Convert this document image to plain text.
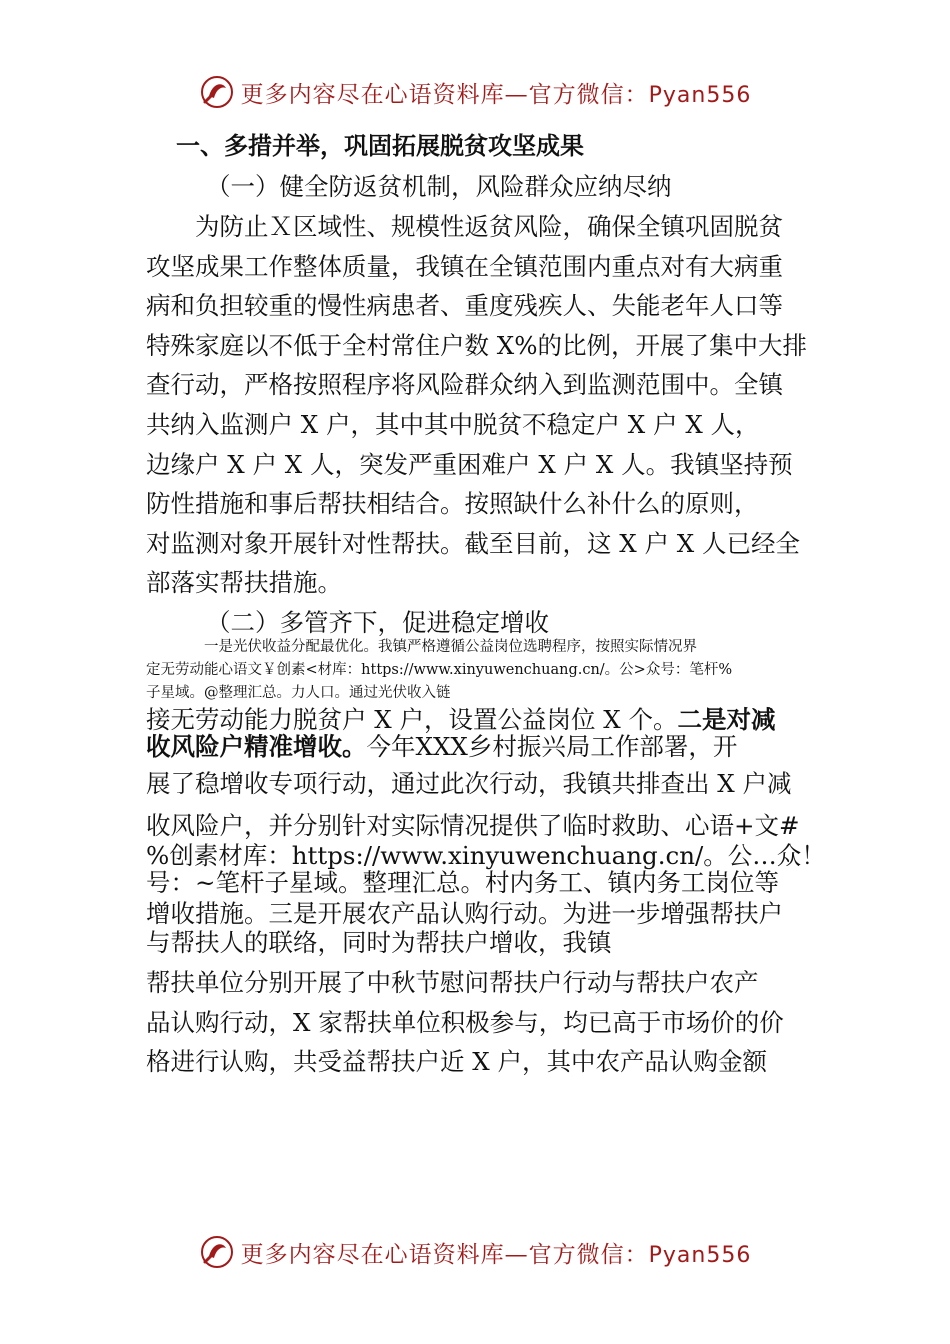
更多内容尽在心语资料库—官方微信：Pyan556
一、多措并举，巩固拓展脱贫攻坚成果
（一）健全防返贫机制，风险群众应纳尽纳
为防止Ｘ区域性、规模性返贫风险，确保全镇巩固脱贫
攻坚成果工作整体质量，我镇在全镇范围内重点对有大病重
病和负担较重的慢性病患者、重度残疾人、失能老年人口等
特殊家庭以不低于全村常住户数 X%的比例，开展了集中大排
查行动，严格按照程序将风险群众纳入到监测范围中。全镇
共纳入监测户 X 户，其中其中脱贫不稳定户 X 户 X 人，
边缘户 X 户 X 人，突发严重困难户 X 户 X 人。我镇坚持预
防性措施和事后帮扶相结合。按照缺什么补什么的原则，
对监测对象开展针对性帮扶。截至目前，这 X 户 X 人已经全
部落实帮扶措施。
（二）多管齐下，促进稳定增收
一是光伏收益分配最优化。我镇严格遵循公益岗位选聘程序，按照实际情况界
定无劳动能心语文￥创素<材库：https://www.xinyuwenchuang.cn/。公>众号：笔杆%
子星域。@整理汇总。力人口。通过光伏收入链
接无劳动能力脱贫户 X 户，设置公益岗位 X 个。二是对减
收风险户精准增收。今年XXX乡村振兴局工作部署，开
展了稳增收专项行动，通过此次行动，我镇共排查出 X 户减
收风险户，并分别针对实际情况提供了临时救助、心语+文#
%创素材库：https://www.xinyuwenchuang.cn/。公…众！
号：~笔杆子星域。整理汇总。村内务工、镇内务工岗位等
增收措施。三是开展农产品认购行动。为进一步增强帮扶户
与帮扶人的联络，同时为帮扶户增收，我镇
帮扶单位分别开展了中秋节慰问帮扶户行动与帮扶户农产
品认购行动，X 家帮扶单位积极参与，均已高于市场价的价
格进行认购，共受益帮扶户近 X 户，其中农产品认购金额
更多内容尽在心语资料库—官方微信：Pyan556
